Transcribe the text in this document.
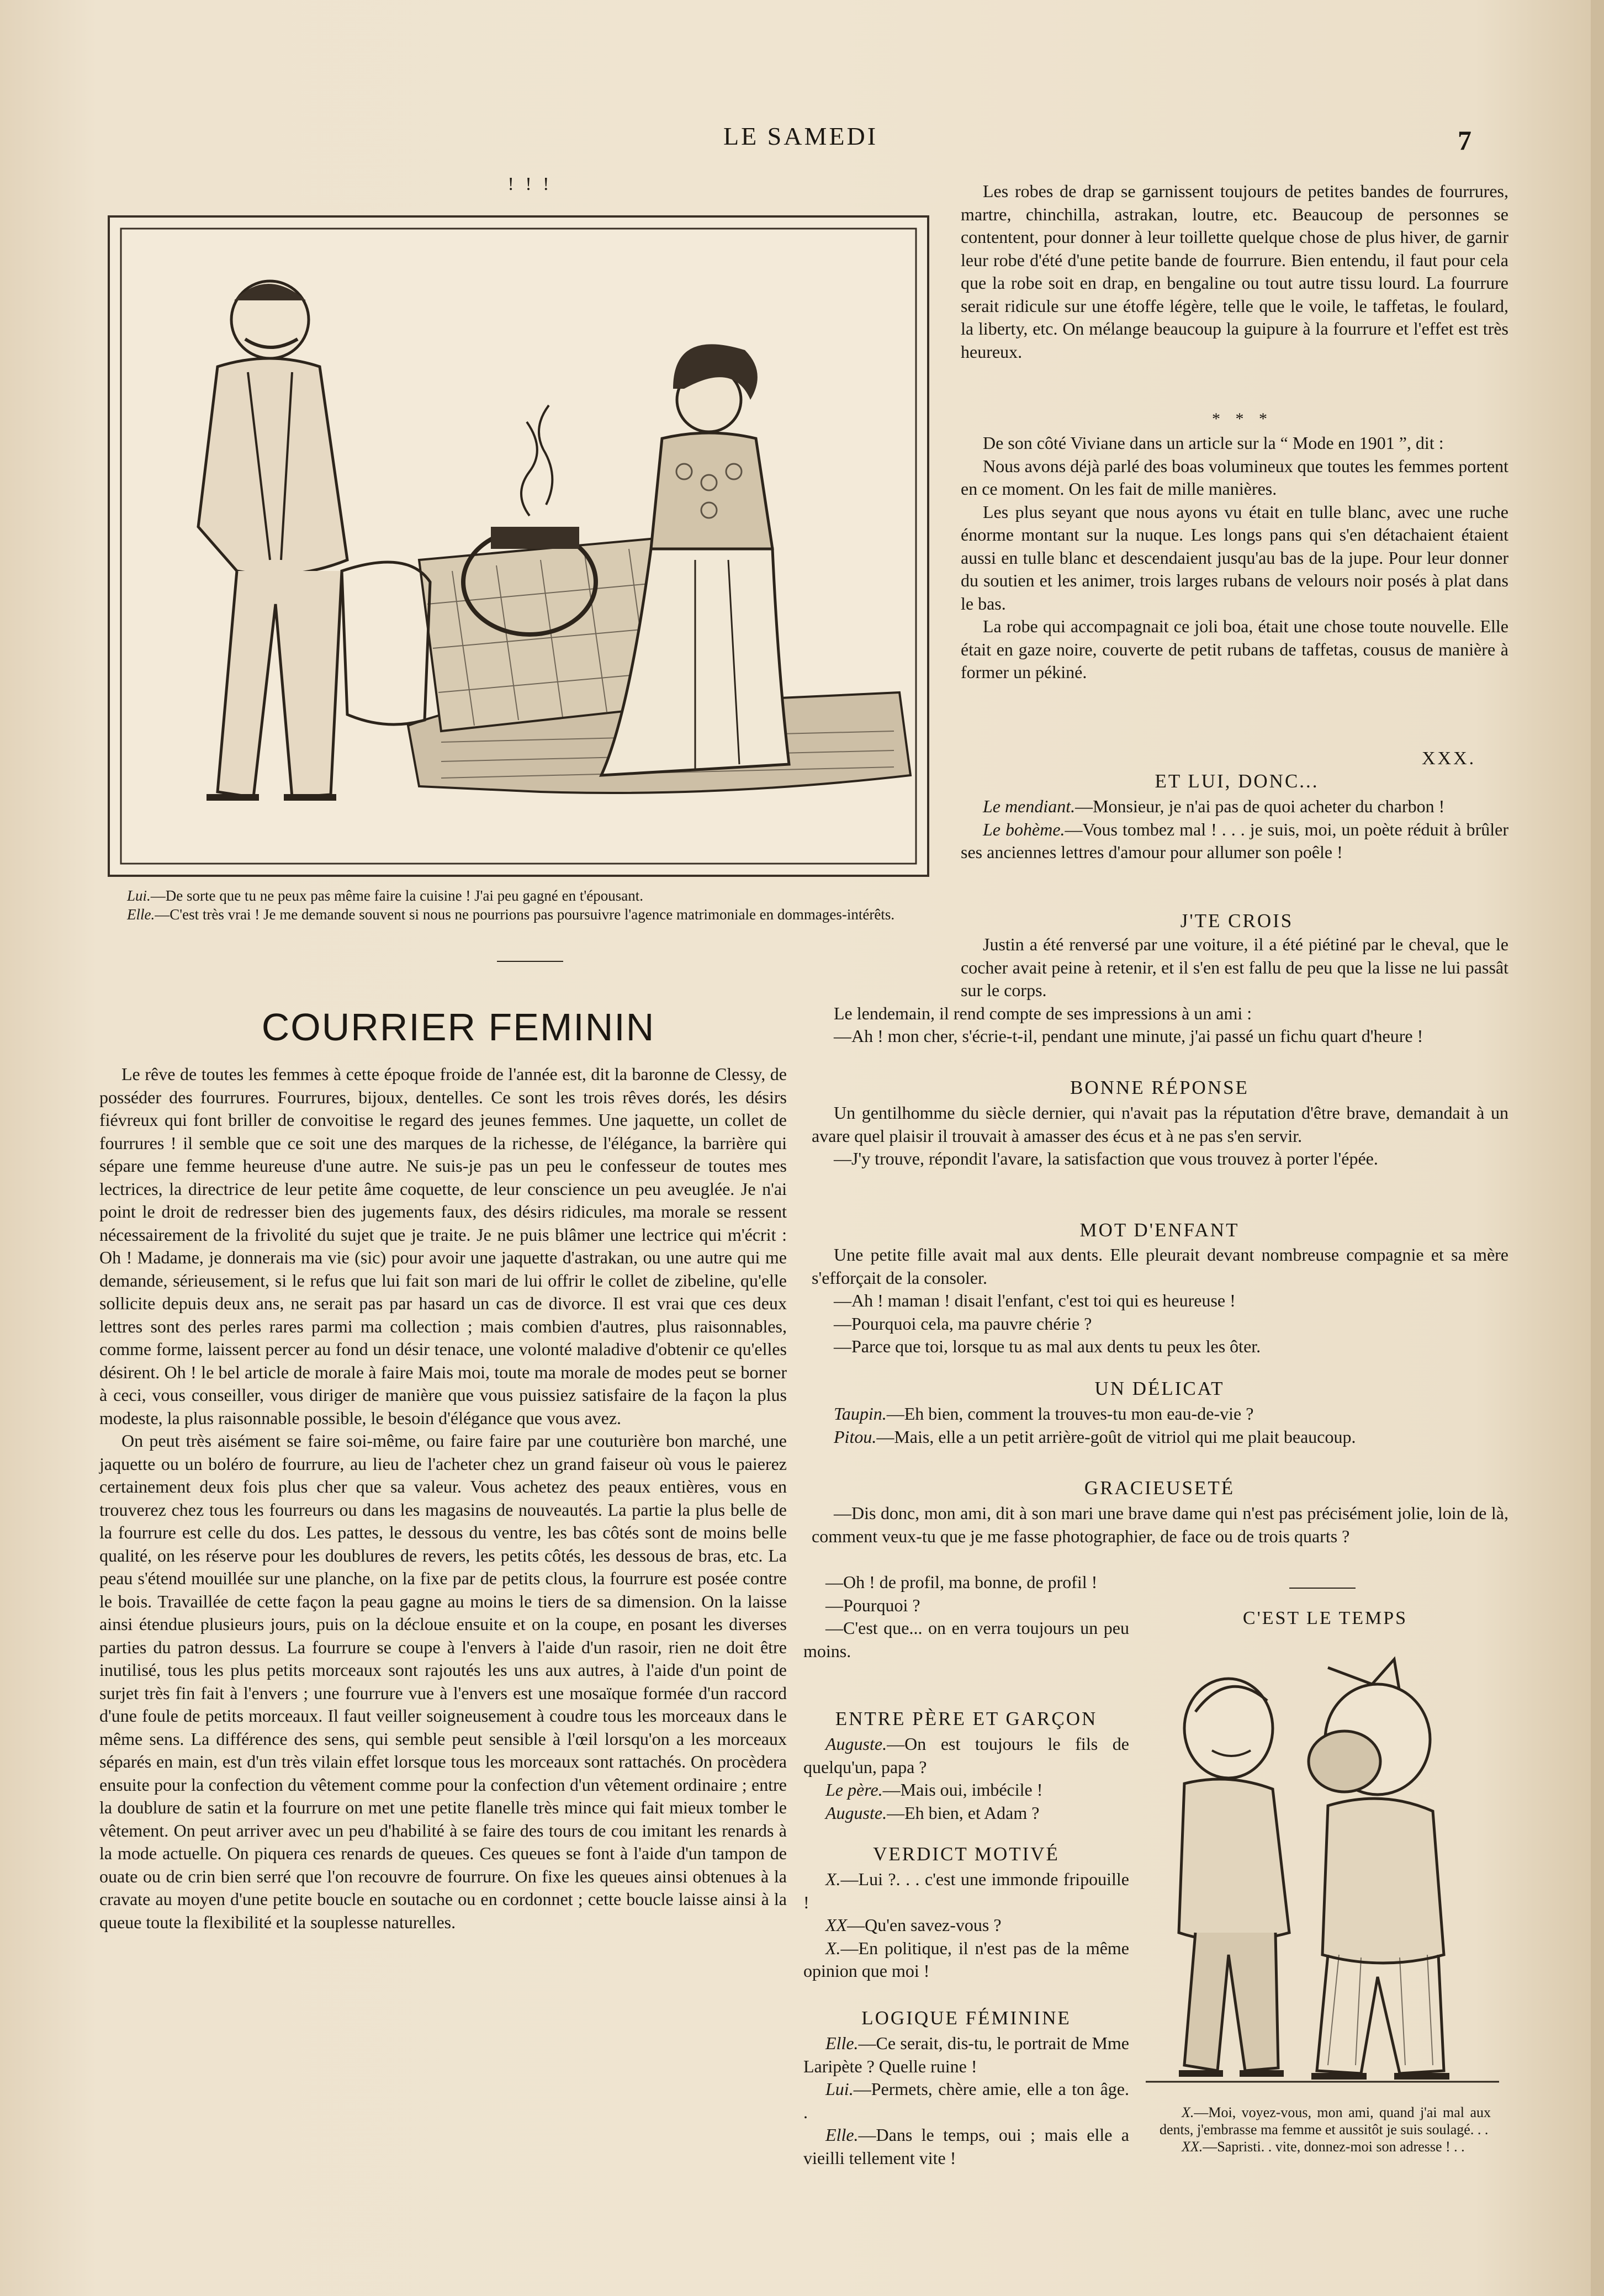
LE SAMEDI	7
! ! !
Lui.—De sorte que tu ne peux pas même faire la cuisine ! J'ai peu gagné en t'épousant.
Elle.—C'est très vrai ! Je me demande souvent si nous ne pourrions pas poursuivre l'agence matrimoniale en dommages-intérêts.
COURRIER FEMININ

Le rêve de toutes les femmes à cette époque froide de l'année est, dit la baronne de Clessy, de posséder des fourrures. Fourrures, bijoux, dentelles. Ce sont les trois rêves dorés, les désirs fiévreux qui font briller de convoitise le regard des jeunes femmes. Une jaquette, un collet de fourrures ! il semble que ce soit une des marques de la richesse, de l'élégance, la barrière qui sépare une femme heureuse d'une autre. Ne suis-je pas un peu le confesseur de toutes mes lectrices, la directrice de leur petite âme coquette, de leur conscience un peu aveuglée. Je n'ai point le droit de redresser bien des jugements faux, des désirs ridicules, ma morale se ressent nécessairement de la frivolité du sujet que je traite. Je ne puis blâmer une lectrice qui m'écrit : Oh ! Madame, je donnerais ma vie (sic) pour avoir une jaquette d'astrakan, ou une autre qui me demande, sérieusement, si le refus que lui fait son mari de lui offrir le collet de zibeline, qu'elle sollicite depuis deux ans, ne serait pas par hasard un cas de divorce. Il est vrai que ces deux lettres sont des perles rares parmi ma collection ; mais combien d'autres, plus raisonnables, comme forme, laissent percer au fond un désir tenace, une volonté maladive d'obtenir ce qu'elles désirent. Oh ! le bel article de morale à faire Mais moi, toute ma morale de modes peut se borner à ceci, vous conseiller, vous diriger de manière que vous puissiez satisfaire de la façon la plus modeste, la plus raisonnable possible, le besoin d'élégance que vous avez.

On peut très aisément se faire soi-même, ou faire faire par une couturière bon marché, une jaquette ou un boléro de fourrure, au lieu de l'acheter chez un grand faiseur où vous le paierez certainement deux fois plus cher que sa valeur. Vous achetez des peaux entières, vous en trouverez chez tous les fourreurs ou dans les magasins de nouveautés. La partie la plus belle de la fourrure est celle du dos. Les pattes, le dessous du ventre, les bas côtés sont de moins belle qualité, on les réserve pour les doublures de revers, les petits côtés, les dessous de bras, etc. La peau s'étend mouillée sur une planche, on la fixe par de petits clous, la fourrure est posée contre le bois. Travaillée de cette façon la peau gagne au moins le tiers de sa dimension. On la laisse ainsi étendue plusieurs jours, puis on la décloue ensuite et on la coupe, en posant les diverses parties du patron dessus. La fourrure se coupe à l'envers à l'aide d'un rasoir, rien ne doit être inutilisé, tous les plus petits morceaux sont rajoutés les uns aux autres, à l'aide d'un point de surjet très fin fait à l'envers ; une fourrure vue à l'envers est une mosaïque formée d'un raccord d'une foule de petits morceaux. Il faut veiller soigneusement à coudre tous les morceaux dans le même sens. La différence des sens, qui semble peut sensible à l'œil lorsqu'on a les morceaux séparés en main, est d'un très vilain effet lorsque tous les morceaux sont rattachés. On procèdera ensuite pour la confection du vêtement comme pour la confection d'un vêtement ordinaire ; entre la doublure de satin et la fourrure on met une petite flanelle très mince qui fait mieux tomber le vêtement. On peut arriver avec un peu d'habilité à se faire des tours de cou imitant les renards à la mode actuelle. On piquera ces renards de queues. Ces queues se font à l'aide d'un tampon de ouate ou de crin bien serré que l'on recouvre de fourrure. On fixe les queues ainsi obtenues à la cravate au moyen d'une petite boucle en soutache ou en cordonnet ; cette boucle laisse ainsi à la queue toute la flexibilité et la souplesse naturelles.

Les robes de drap se garnissent toujours de petites bandes de fourrures, martre, chinchilla, astrakan, loutre, etc. Beaucoup de personnes se contentent, pour donner à leur toillette quelque chose de plus hiver, de garnir leur robe d'été d'une petite bande de fourrure. Bien entendu, il faut pour cela que la robe soit en drap, en bengaline ou tout autre tissu lourd. La fourrure serait ridicule sur une étoffe légère, telle que le voile, le taffetas, le foulard, la liberty, etc. On mélange beaucoup la guipure à la fourrure et l'effet est très heureux.

* * *

De son côté Viviane dans un article sur la “ Mode en 1901 ”, dit :

Nous avons déjà parlé des boas volumineux que toutes les femmes portent en ce moment. On les fait de mille manières.

Les plus seyant que nous ayons vu était en tulle blanc, avec une ruche énorme montant sur la nuque. Les longs pans qui s'en détachaient étaient aussi en tulle blanc et descendaient jusqu'au bas de la jupe. Pour leur donner du soutien et les animer, trois larges rubans de velours noir posés à plat dans le bas.

La robe qui accompagnait ce joli boa, était une chose toute nouvelle. Elle était en gaze noire, couverte de petit rubans de taffetas, cousus de manière à former un pékiné.

XXX.
ET LUI, DONC...

Le mendiant.—Monsieur, je n'ai pas de quoi acheter du charbon !

Le bohème.—Vous tombez mal ! . . . je suis, moi, un poète réduit à brûler ses anciennes lettres d'amour pour allumer son poêle !

J'TE CROIS

Justin a été renversé par une voiture, il a été piétiné par le cheval, que le cocher avait peine à retenir, et il s'en est fallu de peu que la lisse ne lui passât sur le corps.

Le lendemain, il rend compte de ses impressions à un ami :

—Ah ! mon cher, s'écrie-t-il, pendant une minute, j'ai passé un fichu quart d'heure !

BONNE RÉPONSE

Un gentilhomme du siècle dernier, qui n'avait pas la réputation d'être brave, demandait à un avare quel plaisir il trouvait à amasser des écus et à ne pas s'en servir.

—J'y trouve, répondit l'avare, la satisfaction que vous trouvez à porter l'épée.

MOT D'ENFANT

Une petite fille avait mal aux dents. Elle pleurait devant nombreuse compagnie et sa mère s'efforçait de la consoler.

—Ah ! maman ! disait l'enfant, c'est toi qui es heureuse !

—Pourquoi cela, ma pauvre chérie ?

—Parce que toi, lorsque tu as mal aux dents tu peux les ôter.

UN DÉLICAT

Taupin.—Eh bien, comment la trouves-tu mon eau-de-vie ?

Pitou.—Mais, elle a un petit arrière-goût de vitriol qui me plait beaucoup.

GRACIEUSETÉ

—Dis donc, mon ami, dit à son mari une brave dame qui n'est pas précisément jolie, loin de là, comment veux-tu que je me fasse photographier, de face ou de trois quarts ?

—Oh ! de profil, ma bonne, de profil !

—Pourquoi ?

—C'est que... on en verra toujours un peu moins.

ENTRE PÈRE ET GARÇON

Auguste.—On est toujours le fils de quelqu'un, papa ?

Le père.—Mais oui, imbécile !

Auguste.—Eh bien, et Adam ?

VERDICT MOTIVÉ

X.—Lui ?. . . c'est une immonde fripouille !

XX—Qu'en savez-vous ?

X.—En politique, il n'est pas de la même opinion que moi !

LOGIQUE FÉMININE

Elle.—Ce serait, dis-tu, le portrait de Mme Laripète ? Quelle ruine !

Lui.—Permets, chère amie, elle a ton âge. .

Elle.—Dans le temps, oui ; mais elle a vieilli tellement vite !

C'EST LE TEMPS
X.—Moi, voyez-vous, mon ami, quand j'ai mal aux dents, j'embrasse ma femme et aussitôt je suis soulagé. . .
XX.—Sapristi. . vite, donnez-moi son adresse ! . .
